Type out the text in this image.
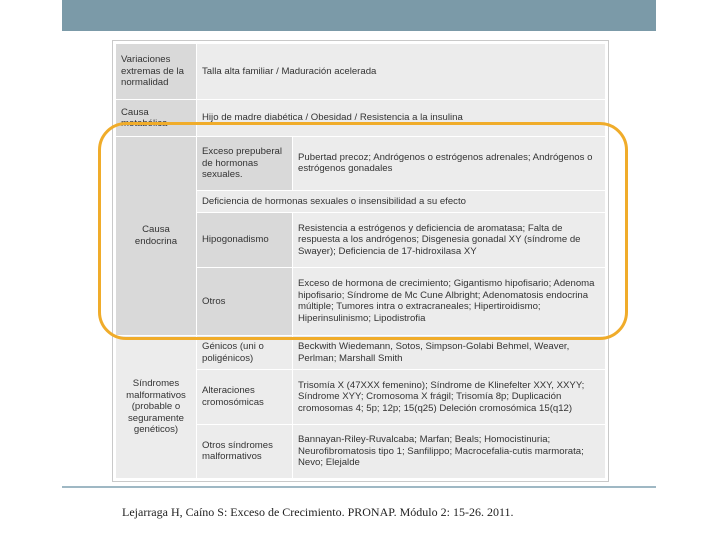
Variaciones extremas de la normalidad	Talla alta familiar / Maduración acelerada	
Causa metabólica	Hijo de madre diabética / Obesidad / Resistencia a la insulina	
Causa endocrina	Exceso prepuberal de hormonas sexuales.	Pubertad precoz; Andrógenos o estrógenos adrenales; Andrógenos o estrógenos gonadales
	Deficiencia de hormonas sexuales o insensibilidad a su efecto	
	Hipogonadismo	Resistencia a estrógenos y deficiencia de aromatasa; Falta de respuesta a los andrógenos; Disgenesia gonadal XY (síndrome de Swayer); Deficiencia de 17-hidroxilasa XY
	Otros	Exceso de hormona de crecimiento; Gigantismo hipofisario; Adenoma hipofisario; Síndrome de Mc Cune Albright; Adenomatosis endocrina múltiple; Tumores intra o extracraneales; Hipertiroidismo; Hiperinsulinismo; Lipodistrofia
Síndromes malformativos (probable o seguramente genéticos)	Génicos (uni o poligénicos)	Beckwith Wiedemann, Sotos, Simpson-Golabi Behmel, Weaver, Perlman; Marshall Smith
	Alteraciones cromosómicas	Trisomía X (47XXX femenino); Síndrome de Klinefelter XXY, XXYY; Síndrome XYY; Cromosoma X frágil; Trisomía 8p; Duplicación cromosomas 4; 5p; 12p; 15(q25) Deleción cromosómica 15(q12)
	Otros síndromes malformativos	Bannayan-Riley-Ruvalcaba; Marfan; Beals; Homocistinuria; Neurofibromatosis tipo 1; Sanfilippo; Macrocefalia-cutis marmorata; Nevo; Elejalde
Lejarraga H, Caíno S: Exceso de Crecimiento. PRONAP. Módulo 2: 15-26. 2011.
